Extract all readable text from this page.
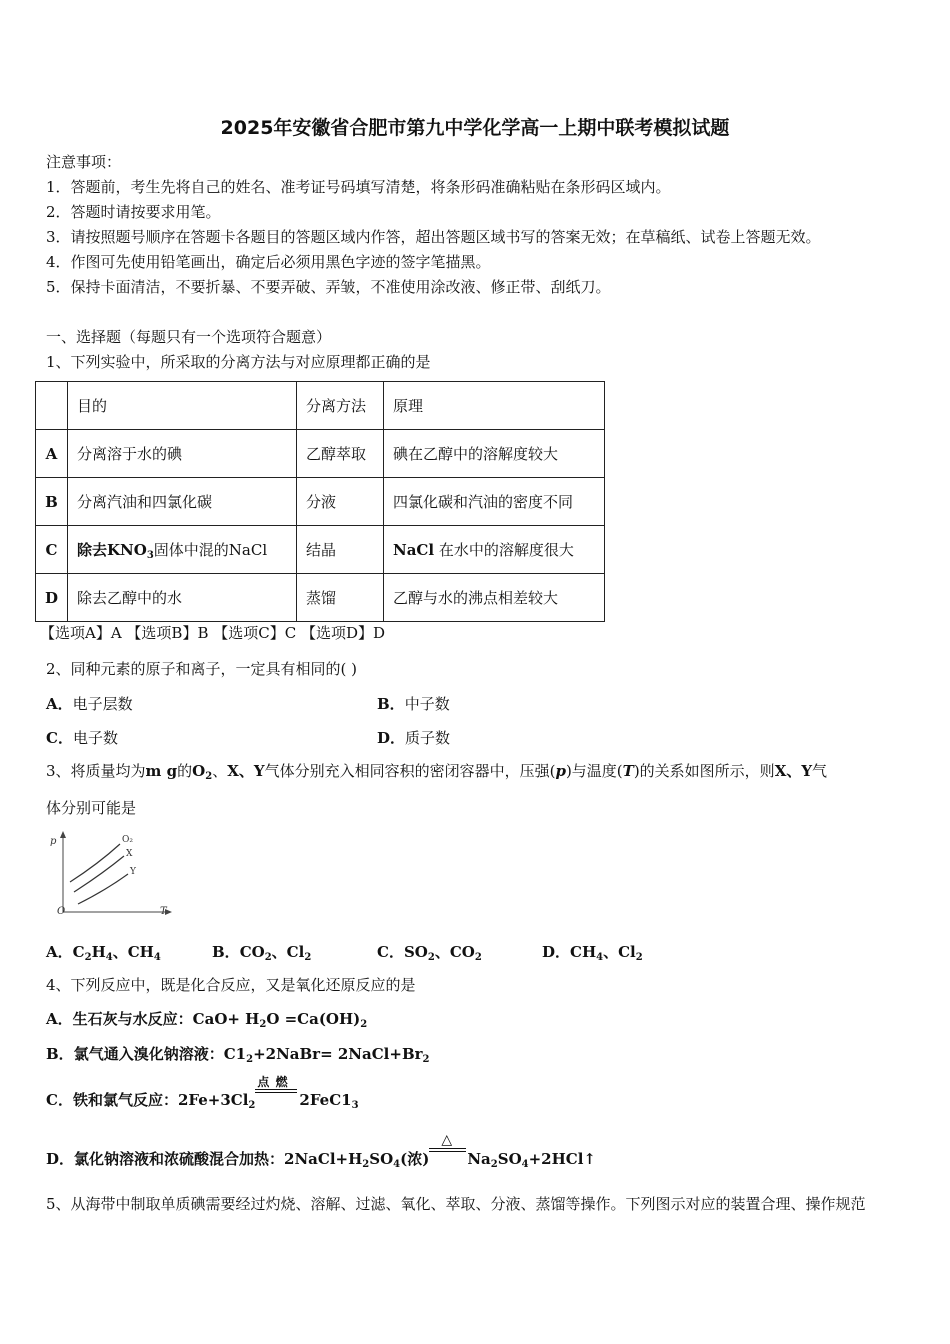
2025年安徽省合肥市第九中学化学高一上期中联考模拟试题
注意事项：
1．答题前，考生先将自己的姓名、准考证号码填写清楚，将条形码准确粘贴在条形码区域内。
2．答题时请按要求用笔。
3．请按照题号顺序在答题卡各题目的答题区域内作答，超出答题区域书写的答案无效；在草稿纸、试卷上答题无效。
4．作图可先使用铅笔画出，确定后必须用黑色字迹的签字笔描黑。
5．保持卡面清洁，不要折暴、不要弄破、弄皱，不准使用涂改液、修正带、刮纸刀。
一、选择题（每题只有一个选项符合题意）
1、下列实验中，所采取的分离方法与对应原理都正确的是
	目的	分离方法	原理
A	分离溶于水的碘	乙醇萃取	碘在乙醇中的溶解度较大
B	分离汽油和四氯化碳	分液	四氯化碳和汽油的密度不同
C	除去$KNO_3$固体中混的NaCl	结晶	NaCl 在水中的溶解度很大
D	除去乙醇中的水	蒸馏	乙醇与水的沸点相差较大
【选项A】A 【选项B】B 【选项C】C 【选项D】D
2、同种元素的原子和离子，一定具有相同的( )
A．电子层数	B．中子数
C．电子数	D．质子数
3、将质量均为m g的$O_2$、X、Y气体分别充入相同容积的密闭容器中，压强(p)与温度(T)的关系如图所示，则X、Y气
体分别可能是
p
T
O
O₂
X
Y
A．$C_2H_4$、$CH_4$	B．$CO_2$、$Cl_2$	C．$SO_2$、$CO_2$	D．$CH_4$、$Cl_2$
4、下列反应中，既是化合反应，又是氧化还原反应的是
A．生石灰与水反应：$CaO+ H_2O =Ca(OH)_2$
B．氯气通入溴化钠溶液：$C1_2+2NaBr=$ $2NaCl+Br_2$
C．铁和氯气反应：$2Fe+3Cl_2$
点 燃
$2FeC1_3$
D．氯化钠溶液和浓硫酸混合加热：$2NaCl+H_2SO_4$(浓)
△
$Na_2SO_4+2HCl↑$
5、从海带中制取单质碘需要经过灼烧、溶解、过滤、氧化、萃取、分液、蒸馏等操作。下列图示对应的装置合理、操作规范
